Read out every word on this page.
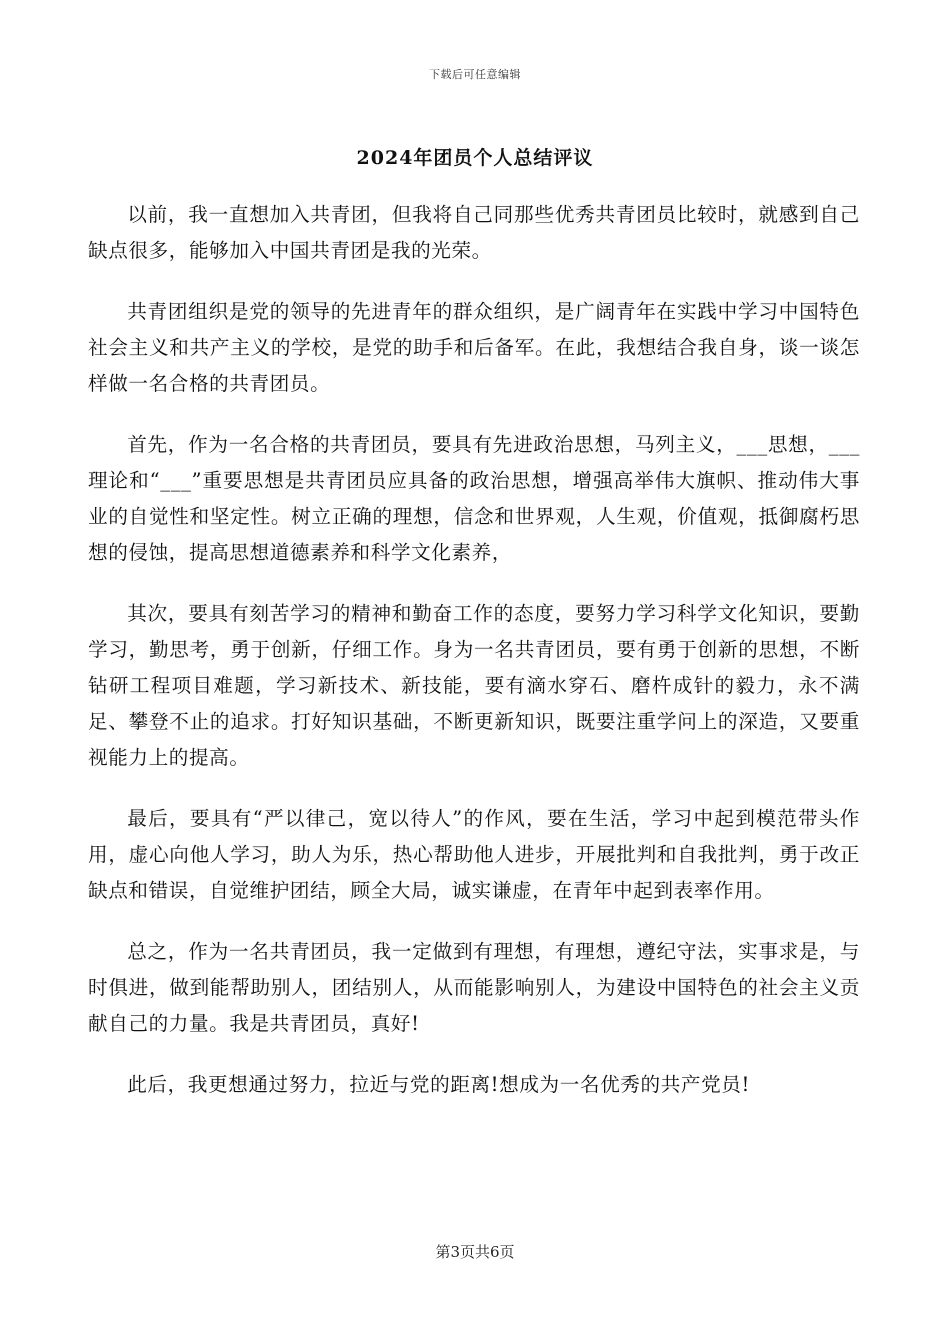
下载后可任意编辑
2024年团员个人总结评议

以前，我一直想加入共青团，但我将自己同那些优秀共青团员比较时，就感到自己缺点很多，能够加入中国共青团是我的光荣。

共青团组织是党的领导的先进青年的群众组织，是广阔青年在实践中学习中国特色社会主义和共产主义的学校，是党的助手和后备军。在此，我想结合我自身，谈一谈怎样做一名合格的共青团员。

首先，作为一名合格的共青团员，要具有先进政治思想，马列主义，___思想，___理论和“___”重要思想是共青团员应具备的政治思想，增强高举伟大旗帜、推动伟大事业的自觉性和坚定性。树立正确的理想，信念和世界观，人生观，价值观，抵御腐朽思想的侵蚀，提高思想道德素养和科学文化素养，

其次，要具有刻苦学习的精神和勤奋工作的态度，要努力学习科学文化知识，要勤学习，勤思考，勇于创新，仔细工作。身为一名共青团员，要有勇于创新的思想，不断钻研工程项目难题，学习新技术、新技能，要有滴水穿石、磨杵成针的毅力，永不满足、攀登不止的追求。打好知识基础，不断更新知识，既要注重学问上的深造，又要重视能力上的提高。

最后，要具有“严以律己，宽以待人”的作风，要在生活，学习中起到模范带头作用，虚心向他人学习，助人为乐，热心帮助他人进步，开展批判和自我批判，勇于改正缺点和错误，自觉维护团结，顾全大局，诚实谦虚，在青年中起到表率作用。

总之，作为一名共青团员，我一定做到有理想，有理想，遵纪守法，实事求是，与时俱进，做到能帮助别人，团结别人，从而能影响别人，为建设中国特色的社会主义贡献自己的力量。我是共青团员，真好!

此后，我更想通过努力，拉近与党的距离!想成为一名优秀的共产党员!

第3页共6页
